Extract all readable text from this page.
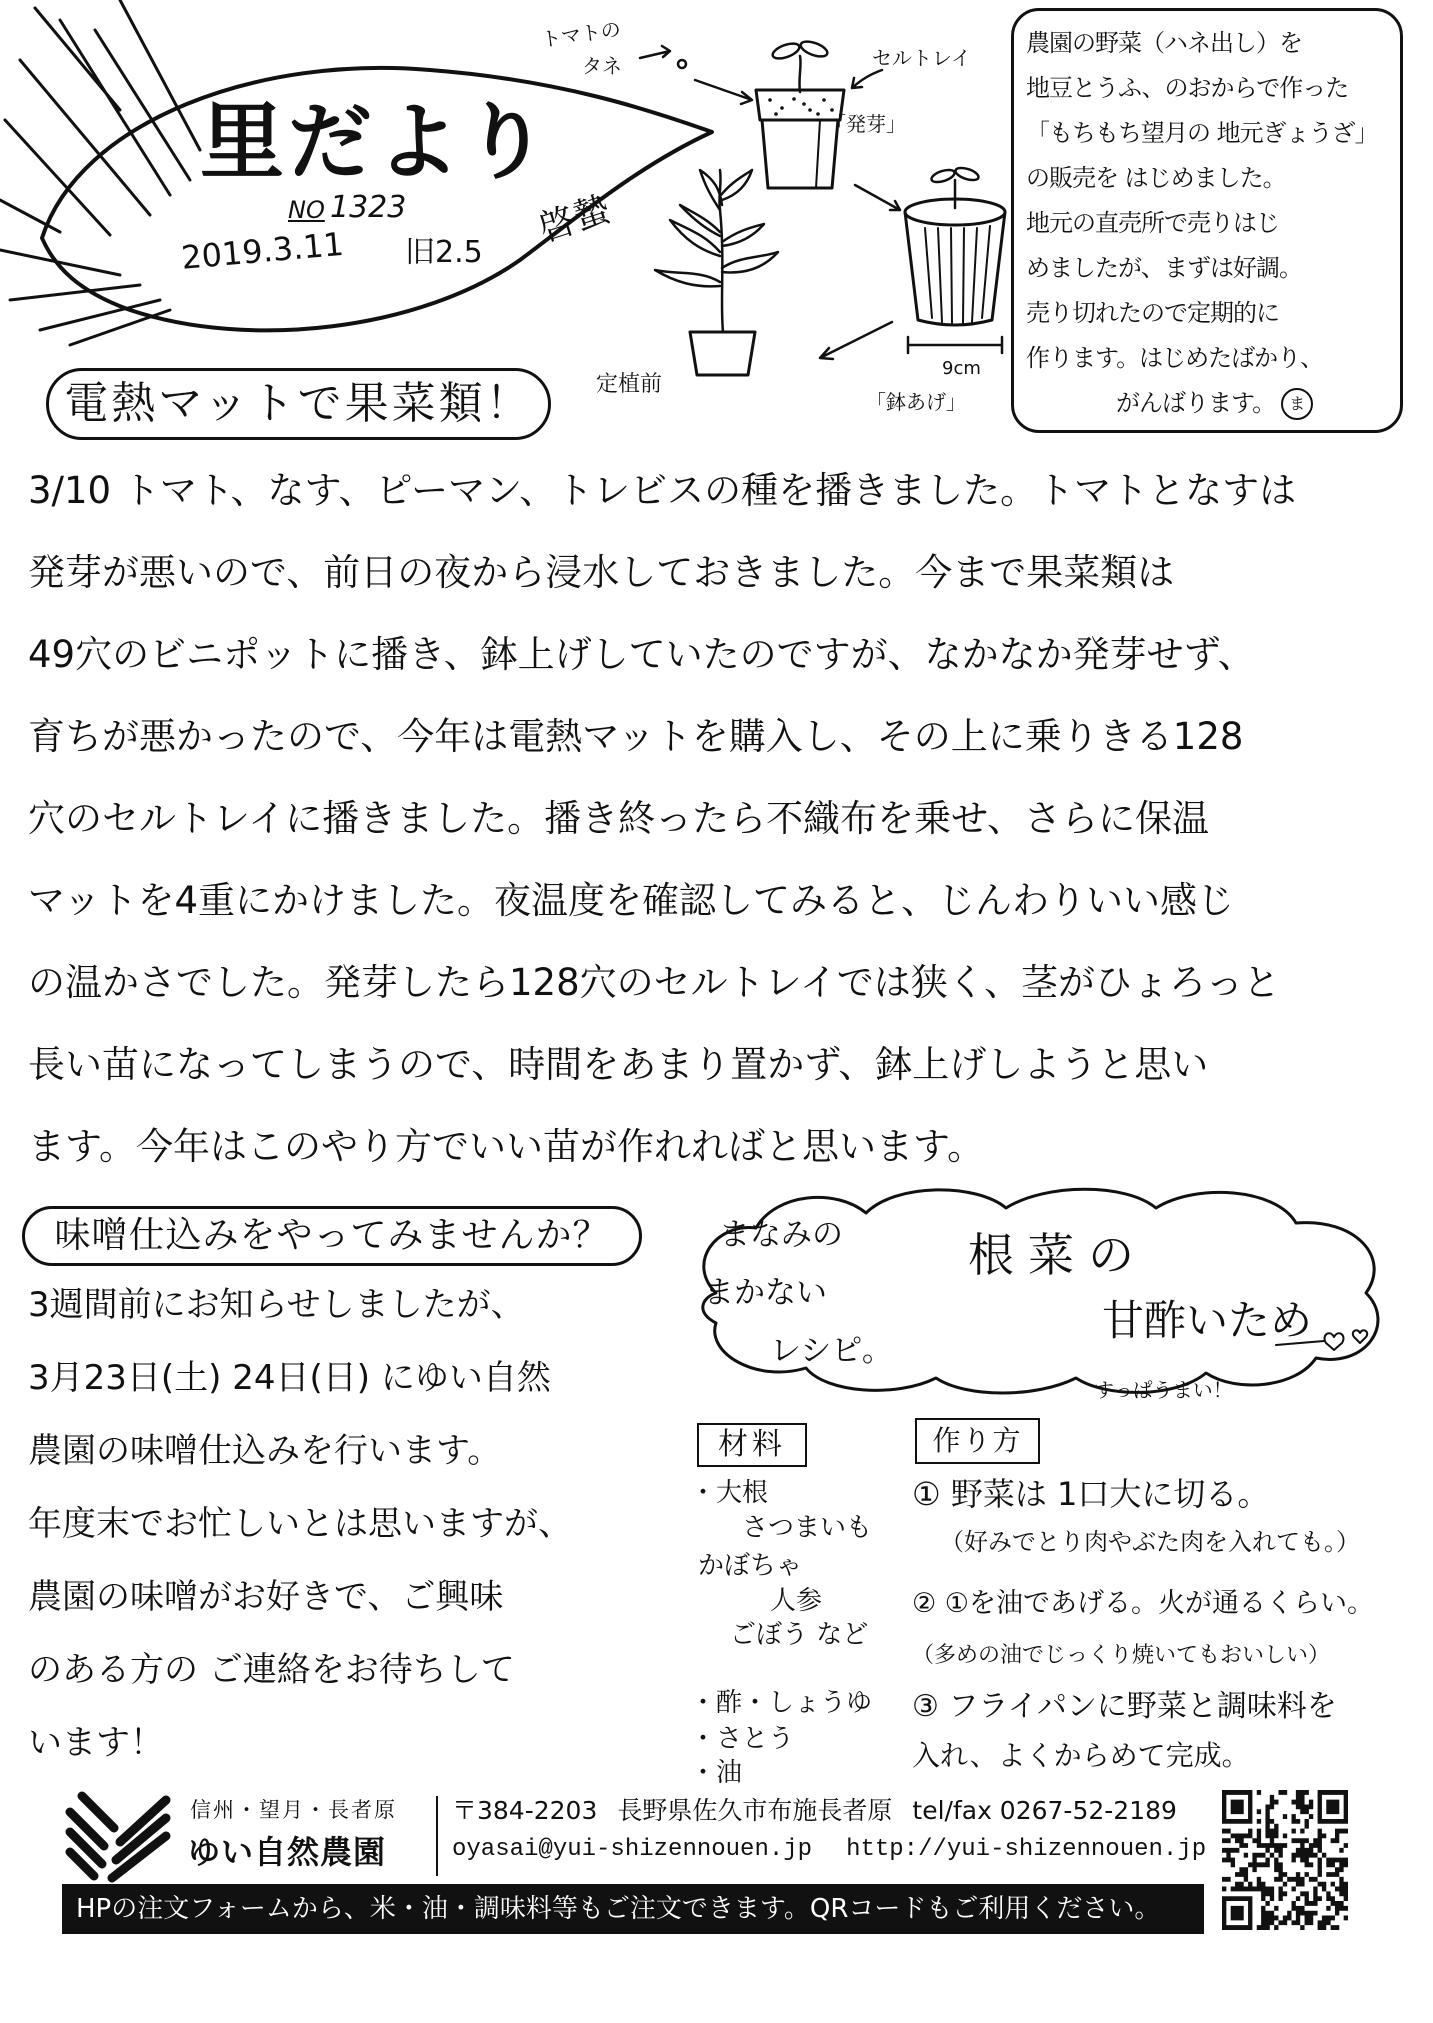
里だより
NO 1323
2019.3.11 旧2.5
啓蟄
トマトの
タネ	セルトレイ
「発芽」
9cm
「鉢あげ」
定植前
農園の野菜（ハネ出し）を
地豆とうふ、のおからで作った
「もちもち望月の 地元ぎょうざ」
の販売を はじめました。
地元の直売所で売りはじ
めましたが、まずは好調。
売り切れたので定期的に
作ります。はじめたばかり、
がんばります。 ま
電熱マットで果菜類！
3/10 トマト、なす、ピーマン、トレビスの種を播きました。トマトとなすは
発芽が悪いので、前日の夜から浸水しておきました。今まで果菜類は
49穴のビニポットに播き、鉢上げしていたのですが、なかなか発芽せず、
育ちが悪かったので、今年は電熱マットを購入し、その上に乗りきる128
穴のセルトレイに播きました。播き終ったら不織布を乗せ、さらに保温
マットを4重にかけました。夜温度を確認してみると、じんわりいい感じ
の温かさでした。発芽したら128穴のセルトレイでは狭く、茎がひょろっと
長い苗になってしまうので、時間をあまり置かず、鉢上げしようと思い
ます。今年はこのやり方でいい苗が作れればと思います。
味噌仕込みをやってみませんか？
3週間前にお知らせしましたが、
3月23日(土) 24日(日) にゆい自然
農園の味噌仕込みを行います。
年度末でお忙しいとは思いますが、
農園の味噌がお好きで、ご興味
のある方の ご連絡をお待ちして
います！
まなみの
まかない
レシピ。
根菜の
甘酢いため
すっぱうまい！
材料
・大根
さつまいも
かぼちゃ
人参
ごぼう など
・酢・しょうゆ
・さとう
・油
作り方
① 野菜は 1口大に切る。
（好みでとり肉やぶた肉を入れても。）
② ①を油であげる。火が通るくらい。
（多めの油でじっくり焼いてもおいしい）
③ フライパンに野菜と調味料を
入れ、よくからめて完成。
信州・望月・長者原
ゆい自然農園
〒384-2203 長野県佐久市布施長者原 tel/fax 0267-52-2189
oyasai@yui-shizennouen.jp http://yui-shizennouen.jp
HPの注文フォームから、米・油・調味料等もご注文できます。QRコードもご利用ください。
